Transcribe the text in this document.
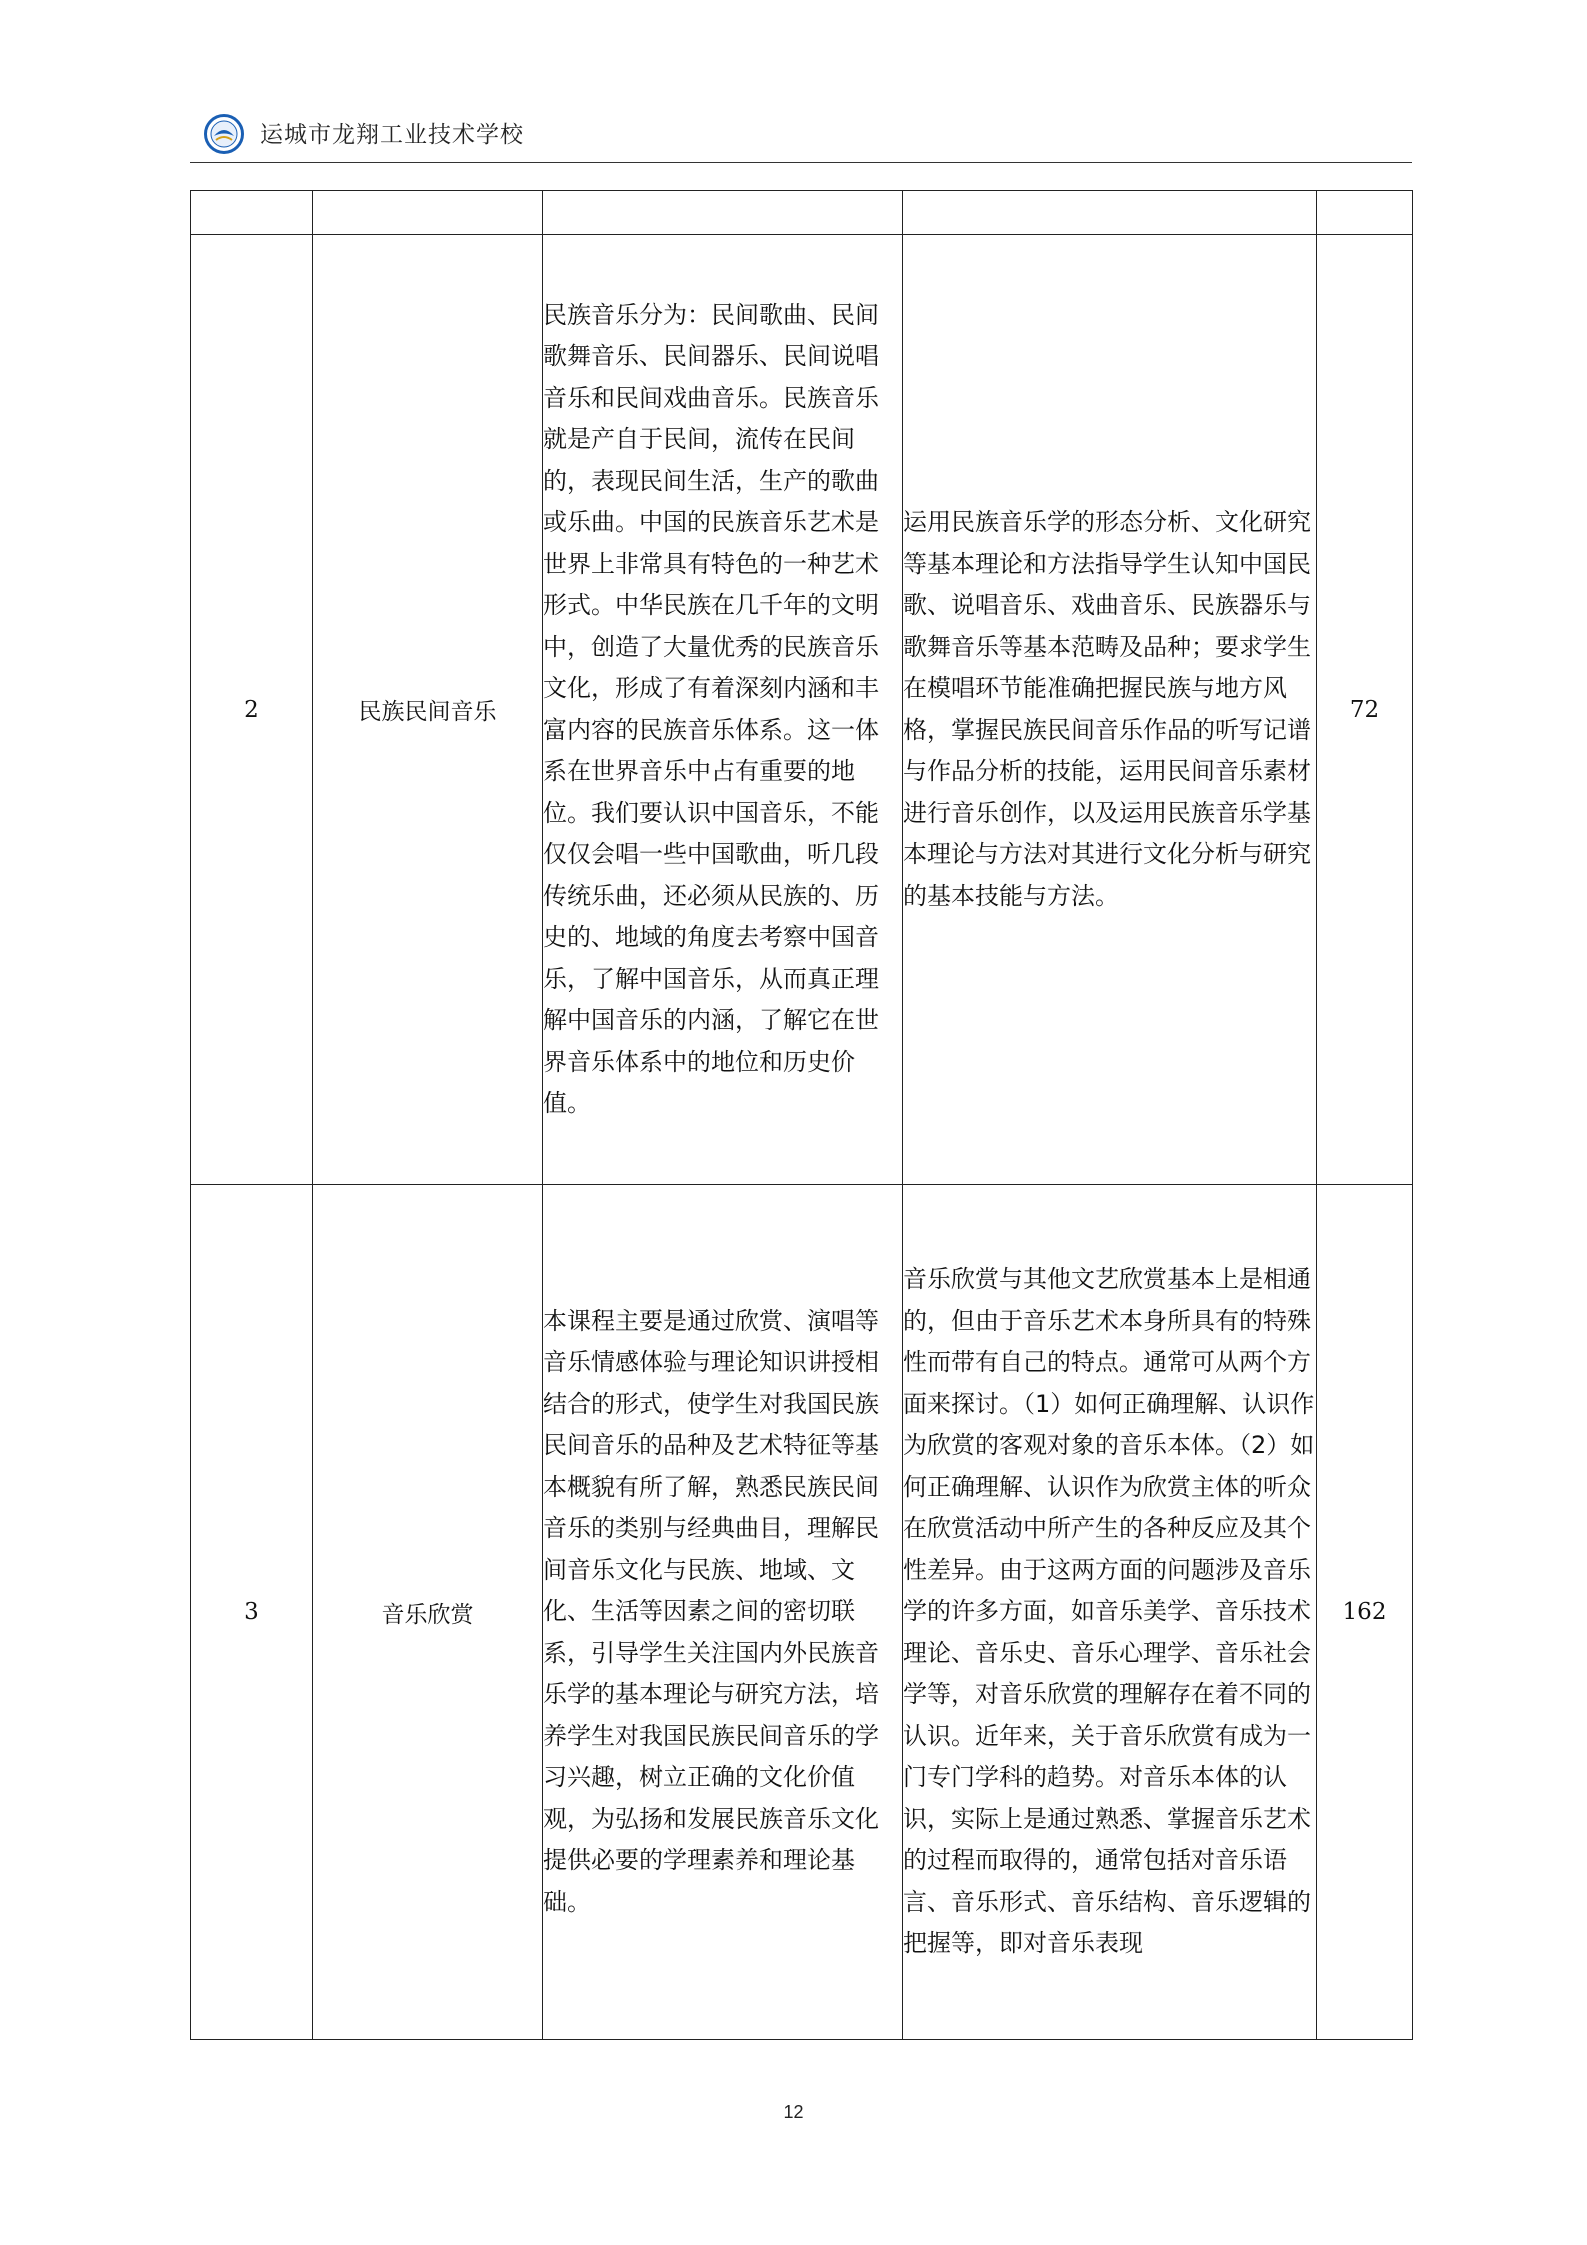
运城市龙翔工业技术学校

2	民族民间音乐	民族音乐分为：民间歌曲、民间歌舞音乐、民间器乐、民间说唱音乐和民间戏曲音乐。民族音乐就是产自于民间，流传在民间的，表现民间生活，生产的歌曲或乐曲。中国的民族音乐艺术是世界上非常具有特色的一种艺术形式。中华民族在几千年的文明中，创造了大量优秀的民族音乐文化，形成了有着深刻内涵和丰富内容的民族音乐体系。这一体系在世界音乐中占有重要的地位。我们要认识中国音乐，不能仅仅会唱一些中国歌曲，听几段传统乐曲，还必须从民族的、历史的、地域的角度去考察中国音乐，了解中国音乐，从而真正理解中国音乐的内涵，了解它在世界音乐体系中的地位和历史价值。	运用民族音乐学的形态分析、文化研究等基本理论和方法指导学生认知中国民歌、说唱音乐、戏曲音乐、民族器乐与歌舞音乐等基本范畴及品种；要求学生在模唱环节能准确把握民族与地方风格，掌握民族民间音乐作品的听写记谱与作品分析的技能，运用民间音乐素材进行音乐创作，以及运用民族音乐学基本理论与方法对其进行文化分析与研究的基本技能与方法。	72
3	音乐欣赏	本课程主要是通过欣赏、演唱等音乐情感体验与理论知识讲授相结合的形式，使学生对我国民族民间音乐的品种及艺术特征等基本概貌有所了解，熟悉民族民间音乐的类别与经典曲目，理解民间音乐文化与民族、地域、文化、生活等因素之间的密切联系，引导学生关注国内外民族音乐学的基本理论与研究方法，培养学生对我国民族民间音乐的学习兴趣，树立正确的文化价值观，为弘扬和发展民族音乐文化提供必要的学理素养和理论基础。	音乐欣赏与其他文艺欣赏基本上是相通的，但由于音乐艺术本身所具有的特殊性而带有自己的特点。通常可从两个方面来探讨。（1）如何正确理解、认识作为欣赏的客观对象的音乐本体。（2）如何正确理解、认识作为欣赏主体的听众在欣赏活动中所产生的各种反应及其个性差异。由于这两方面的问题涉及音乐学的许多方面，如音乐美学、音乐技术理论、音乐史、音乐心理学、音乐社会学等，对音乐欣赏的理解存在着不同的认识。近年来，关于音乐欣赏有成为一门专门学科的趋势。对音乐本体的认识，实际上是通过熟悉、掌握音乐艺术的过程而取得的，通常包括对音乐语言、音乐形式、音乐结构、音乐逻辑的把握等，即对音乐表现	162
12
